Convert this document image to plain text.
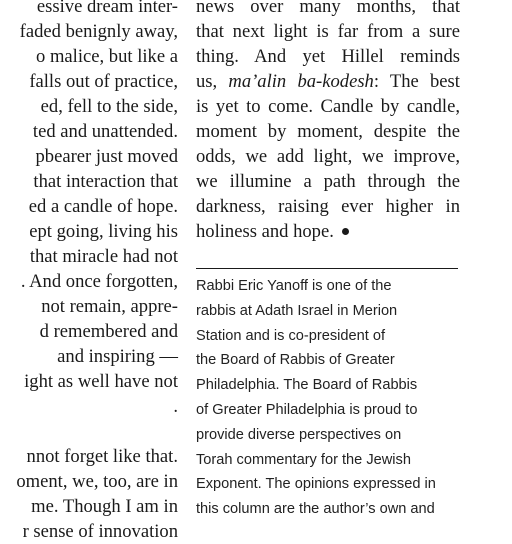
essive dream inter-
faded benignly away,
o malice, but like a
falls out of practice,
ed, fell to the side,
ted and unattended.
pbearer just moved
that interaction that
ed a candle of hope.
ept going, living his
that miracle had not
. And once forgotten,
not remain, appre-
d remembered and
and inspiring —
ight as well have not
.
nnot forget like that.
oment, we, too, are in
me. Though I am in
r sense of innovation
news over many months, that
that next light is far from a sure
thing. And yet Hillel reminds
us, ma’alin ba-kodesh: The best
is yet to come. Candle by candle,
moment by moment, despite the
odds, we add light, we improve,
we illumine a path through the
darkness, raising ever higher in
holiness and hope.
Rabbi Eric Yanoff is one of the
rabbis at Adath Israel in Merion
Station and is co-president of
the Board of Rabbis of Greater
Philadelphia. The Board of Rabbis
of Greater Philadelphia is proud to
provide diverse perspectives on
Torah commentary for the Jewish
Exponent. The opinions expressed in
this column are the author’s own and
